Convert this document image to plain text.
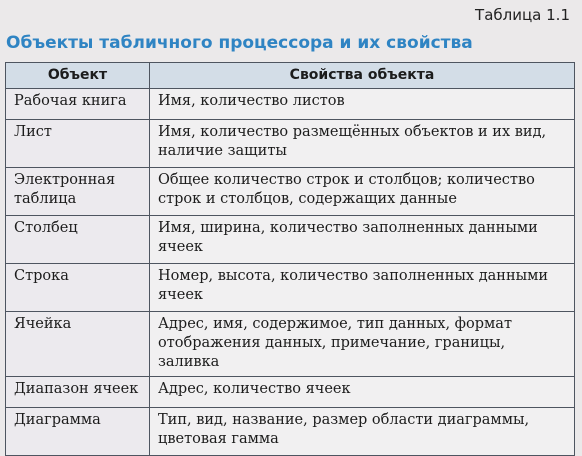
Таблица 1.1
Объекты табличного процессора и их свойства
Объект	Свойства объекта
Рабочая книга	Имя, количество листов
Лист	Имя, количество размещённых объектов и их вид, наличие защиты
Электронная таблица	Общее количество строк и столбцов; количество строк и столбцов, содержащих данные
Столбец	Имя, ширина, количество заполненных данными ячеек
Строка	Номер, высота, количество заполненных данными ячеек
Ячейка	Адрес, имя, содержимое, тип данных, формат отображения данных, примечание, границы, заливка
Диапазон ячеек	Адрес, количество ячеек
Диаграмма	Тип, вид, название, размер области диаграммы, цветовая гамма
